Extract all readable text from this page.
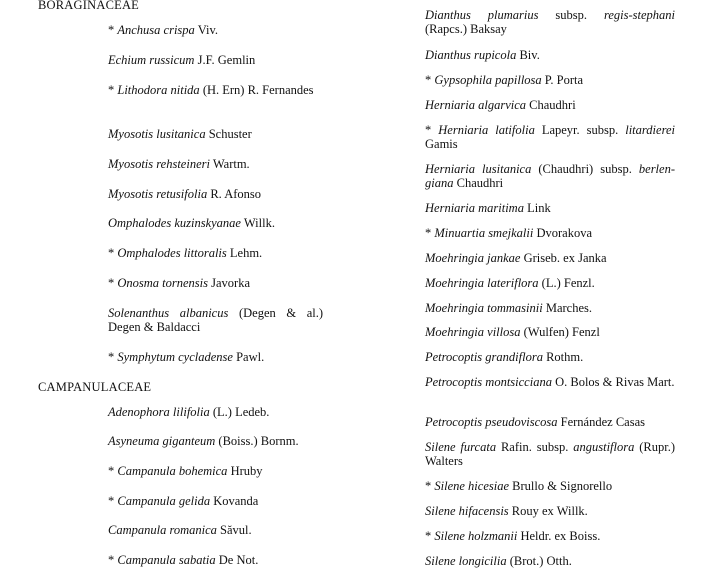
BORAGINACEAE
* Anchusa crispa Viv.
Echium russicum J.F. Gemlin
* Lithodora nitida (H. Ern) R. Fernandes
Myosotis lusitanica Schuster
Myosotis rehsteineri Wartm.
Myosotis retusifolia R. Afonso
Omphalodes kuzinskyanae Willk.
* Omphalodes littoralis Lehm.
* Onosma tornensis Javorka
Solenanthus albanicus (Degen & al.) Degen & Baldacci
* Symphytum cycladense Pawl.
CAMPANULACEAE
Adenophora lilifolia (L.) Ledeb.
Asyneuma giganteum (Boiss.) Bornm.
* Campanula bohemica Hruby
* Campanula gelida Kovanda
Campanula romanica Săvul.
* Campanula sabatia De Not.
Dianthus plumarius subsp. regis-stephani (Rapcs.) Baksay
Dianthus rupicola Biv.
* Gypsophila papillosa P. Porta
Herniaria algarvica Chaudhri
* Herniaria latifolia Lapeyr. subsp. litardierei Gamis
Herniaria lusitanica (Chaudhri) subsp. berlen-giana Chaudhri
Herniaria maritima Link
* Minuartia smejkalii Dvorakova
Moehringia jankae Griseb. ex Janka
Moehringia lateriflora (L.) Fenzl.
Moehringia tommasinii Marches.
Moehringia villosa (Wulfen) Fenzl
Petrocoptis grandiflora Rothm.
Petrocoptis montsicciana O. Bolos & Rivas Mart.
Petrocoptis pseudoviscosa Fernández Casas
Silene furcata Rafin. subsp. angustiflora (Rupr.) Walters
* Silene hicesiae Brullo & Signorello
Silene hifacensis Rouy ex Willk.
* Silene holzmanii Heldr. ex Boiss.
Silene longicilia (Brot.) Otth.
